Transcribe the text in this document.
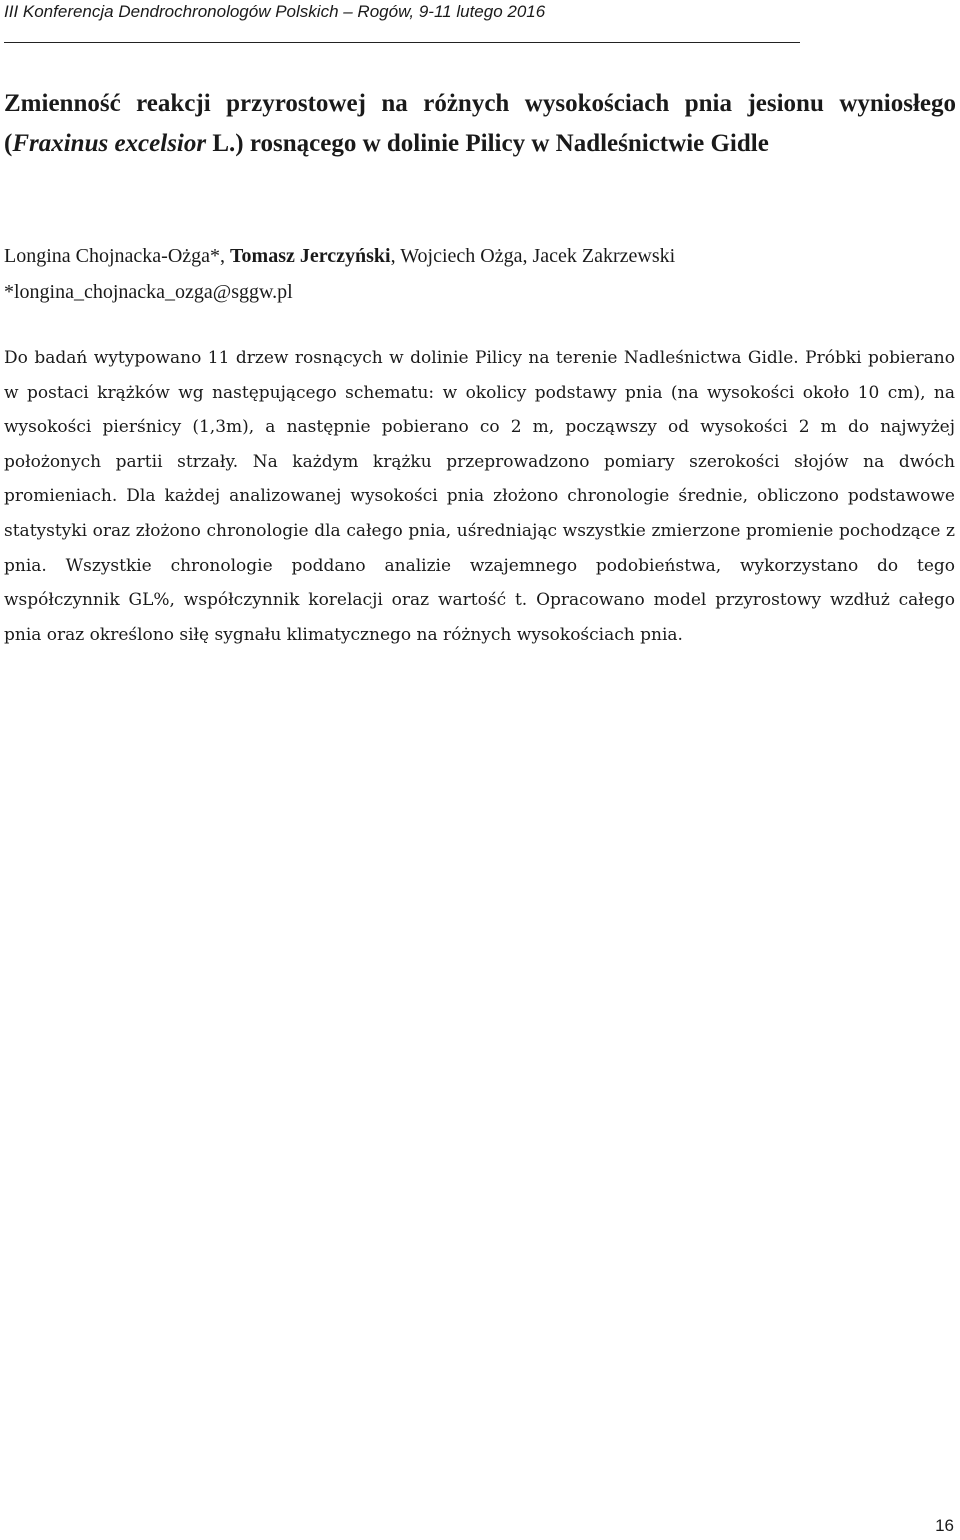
III Konferencja Dendrochronologów Polskich – Rogów, 9-11 lutego 2016
Zmienność reakcji przyrostowej na różnych wysokościach pnia jesionu wyniosłego (Fraxinus excelsior L.) rosnącego w dolinie Pilicy w Nadleśnictwie Gidle

Longina Chojnacka-Ożga*, Tomasz Jerczyński, Wojciech Ożga, Jacek Zakrzewski

*longina_chojnacka_ozga@sggw.pl

Do badań wytypowano 11 drzew rosnących w dolinie Pilicy na terenie Nadleśnictwa Gidle. Próbki pobierano w postaci krążków wg następującego schematu: w okolicy podstawy pnia (na wysokości około 10 cm), na wysokości pierśnicy (1,3m), a następnie pobierano co 2 m, począwszy od wysokości 2 m do najwyżej położonych partii strzały. Na każdym krążku przeprowadzono pomiary szerokości słojów na dwóch promieniach. Dla każdej analizowanej wysokości pnia złożono chronologie średnie, obliczono podstawowe statystyki oraz złożono chronologie dla całego pnia, uśredniając wszystkie zmierzone promienie pochodzące z pnia. Wszystkie chronologie poddano analizie wzajemnego podobieństwa, wykorzystano do tego współczynnik GL%, współczynnik korelacji oraz wartość t. Opracowano model przyrostowy wzdłuż całego pnia oraz określono siłę sygnału klimatycznego na różnych wysokościach pnia.

16
